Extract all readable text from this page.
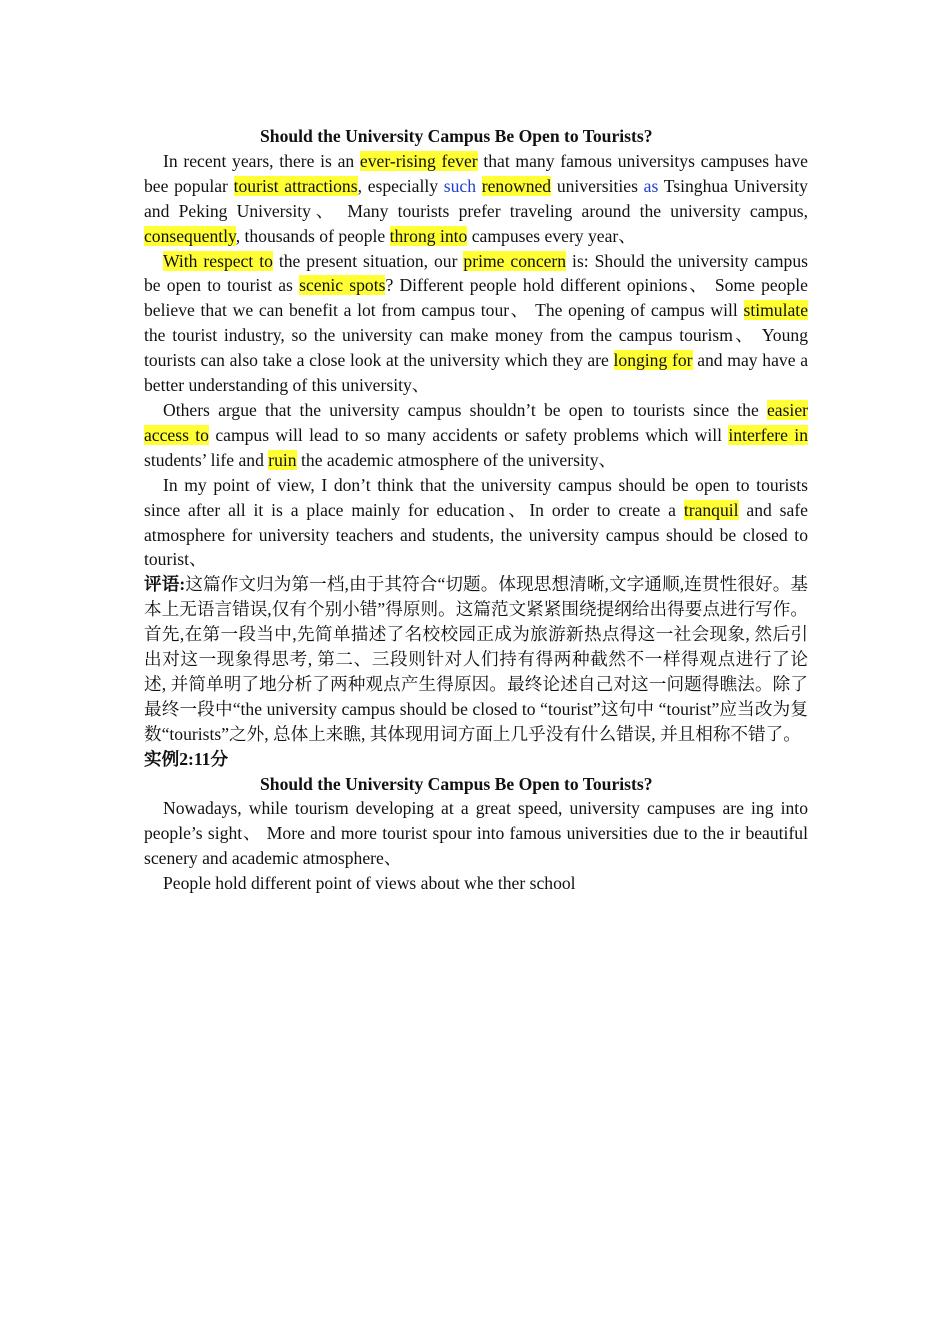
Should the University Campus Be Open to Tourists?

In recent years, there is an ever-rising fever that many famous universitys campuses have bee popular tourist attractions, especially such renowned universities as Tsinghua University and Peking University、 Many tourists prefer traveling around the university campus, consequently, thousands of people throng into campuses every year、

With respect to the present situation, our prime concern is: Should the university campus be open to tourist as scenic spots? Different people hold different opinions、 Some people believe that we can benefit a lot from campus tour、 The opening of campus will stimulate the tourist industry, so the university can make money from the campus tourism、 Young tourists can also take a close look at the university which they are longing for and may have a better understanding of this university、

Others argue that the university campus shouldn’t be open to tourists since the easier access to campus will lead to so many accidents or safety problems which will interfere in students’ life and ruin the academic atmosphere of the university、

In my point of view, I don’t think that the university campus should be open to tourists since after all it is a place mainly for education、In order to create a tranquil and safe atmosphere for university teachers and students, the university campus should be closed to tourist、

评语:这篇作文归为第一档,由于其符合“切题。体现思想清晰,文字通顺,连贯性很好。基本上无语言错误,仅有个别小错”得原则。这篇范文紧紧围绕提纲给出得要点进行写作。首先,在第一段当中,先简单描述了名校校园正成为旅游新热点得这一社会现象, 然后引出对这一现象得思考, 第二、三段则针对人们持有得两种截然不一样得观点进行了论述, 并简单明了地分析了两种观点产生得原因。最终论述自己对这一问题得瞧法。除了最终一段中“the university campus should be closed to “tourist”这句中 “tourist”应当改为复数“tourists”之外, 总体上来瞧, 其体现用词方面上几乎没有什么错误, 并且相称不错了。

实例2:11分

Should the University Campus Be Open to Tourists?

Nowadays, while tourism developing at a great speed, university campuses are ing into people’s sight、 More and more tourist spour into famous universities due to the ir beautiful scenery and academic atmosphere、

People hold different point of views about whe ther school
